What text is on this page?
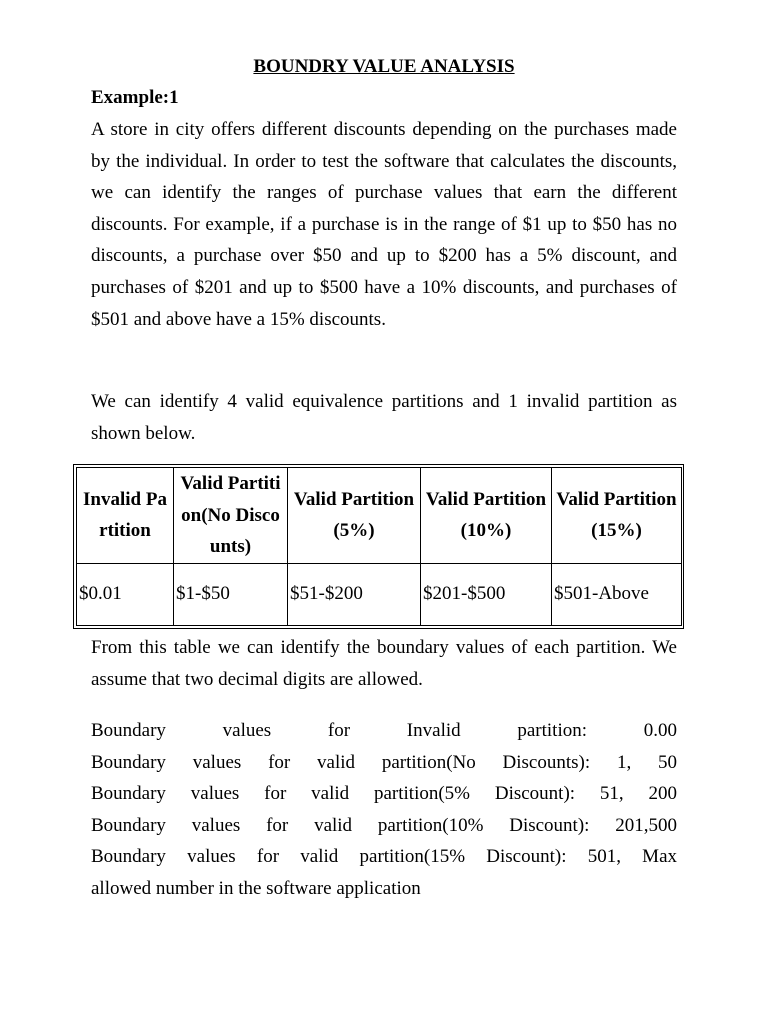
BOUNDRY VALUE ANALYSIS
Example:1
A store in city offers different discounts depending on the purchases made by the individual. In order to test the software that calculates the discounts, we can identify the ranges of purchase values that earn the different discounts. For example, if a purchase is in the range of $1 up to $50 has no discounts, a purchase over $50 and up to $200 has a 5% discount, and purchases of $201 and up to $500 have a 10% discounts, and purchases of $501 and above have a 15% discounts.
We can identify 4 valid equivalence partitions and 1 invalid partition as shown below.
Invalid Partition	Valid Partition(No Discounts)	Valid Partition(5%)	Valid Partition(10%)	Valid Partition(15%)
$0.01	$1-$50	$51-$200	$201-$500	$501-Above
From this table we can identify the boundary values of each partition. We assume that two decimal digits are allowed.
Boundary values for Invalid partition: 0.00
Boundary values for valid partition(No Discounts): 1, 50
Boundary values for valid partition(5% Discount): 51, 200
Boundary values for valid partition(10% Discount): 201,500
Boundary values for valid partition(15% Discount): 501, Max
allowed number in the software application
